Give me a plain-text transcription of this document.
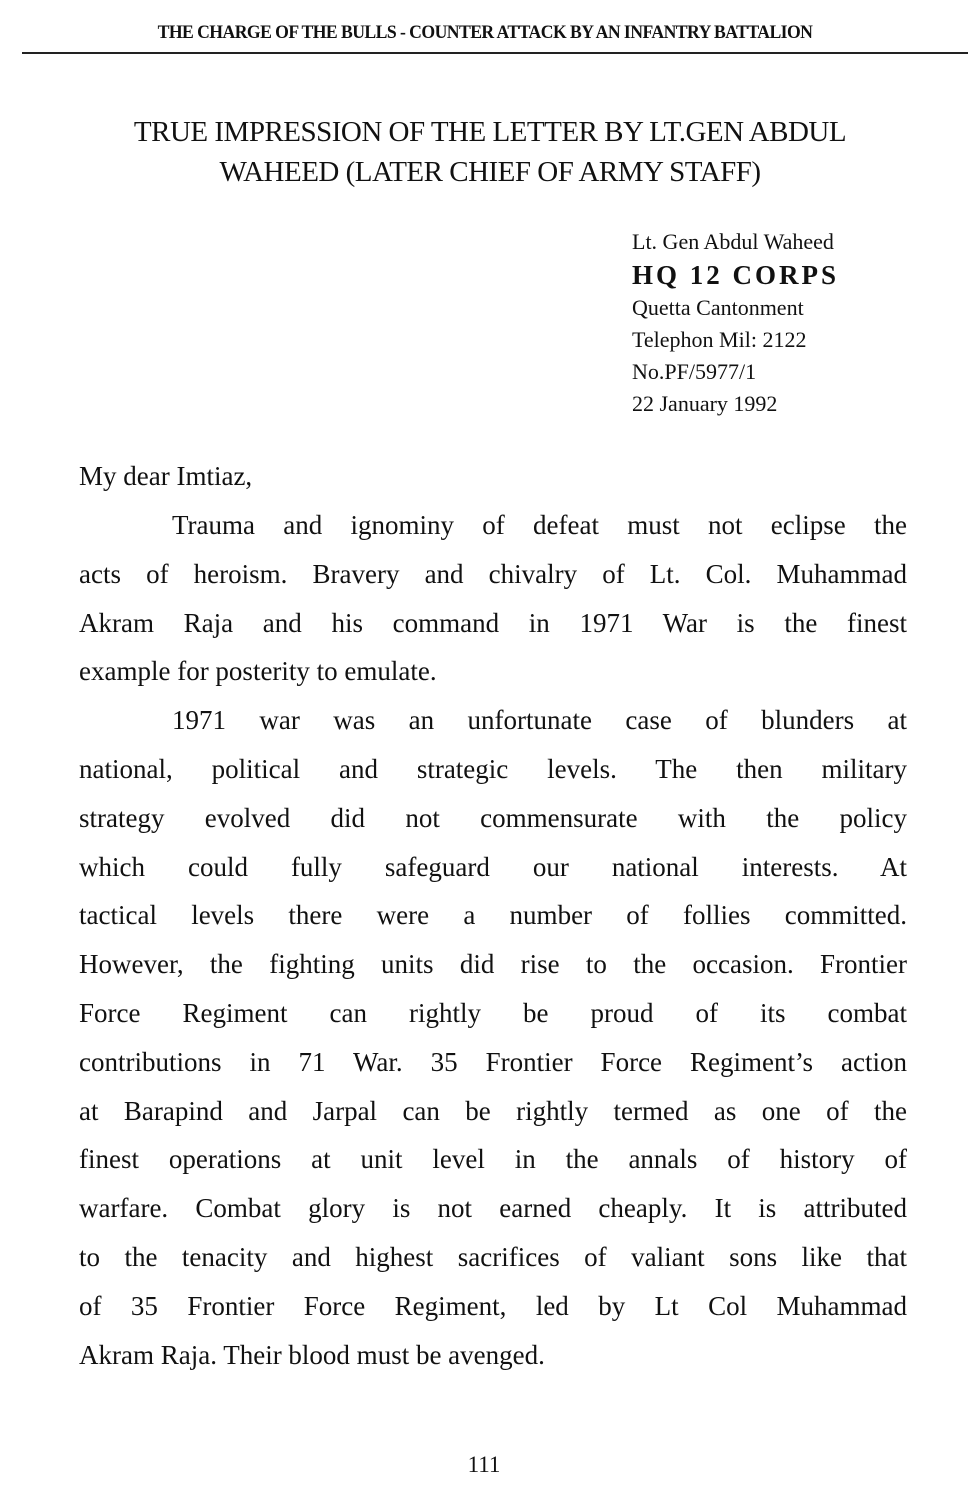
THE CHARGE OF THE BULLS - COUNTER ATTACK BY AN INFANTRY BATTALION
TRUE IMPRESSION OF THE LETTER BY LT.GEN ABDUL
WAHEED (LATER CHIEF OF ARMY STAFF)
Lt. Gen Abdul Waheed
HQ 12 CORPS
Quetta Cantonment
Telephon Mil: 2122
No.PF/5977/1
22 January 1992
My dear Imtiaz,
Trauma and ignominy of defeat must not eclipse the
acts of heroism. Bravery and chivalry of Lt. Col. Muhammad
Akram Raja and his command in 1971 War is the finest
example for posterity to emulate.
1971 war was an unfortunate case of blunders at
national, political and strategic levels. The then military
strategy evolved did not commensurate with the policy
which could fully safeguard our national interests. At
tactical levels there were a number of follies committed.
However, the fighting units did rise to the occasion. Frontier
Force Regiment can rightly be proud of its combat
contributions in 71 War. 35 Frontier Force Regiment’s action
at Barapind and Jarpal can be rightly termed as one of the
finest operations at unit level in the annals of history of
warfare. Combat glory is not earned cheaply. It is attributed
to the tenacity and highest sacrifices of valiant sons like that
of 35 Frontier Force Regiment, led by Lt Col Muhammad
Akram Raja. Their blood must be avenged.
111
